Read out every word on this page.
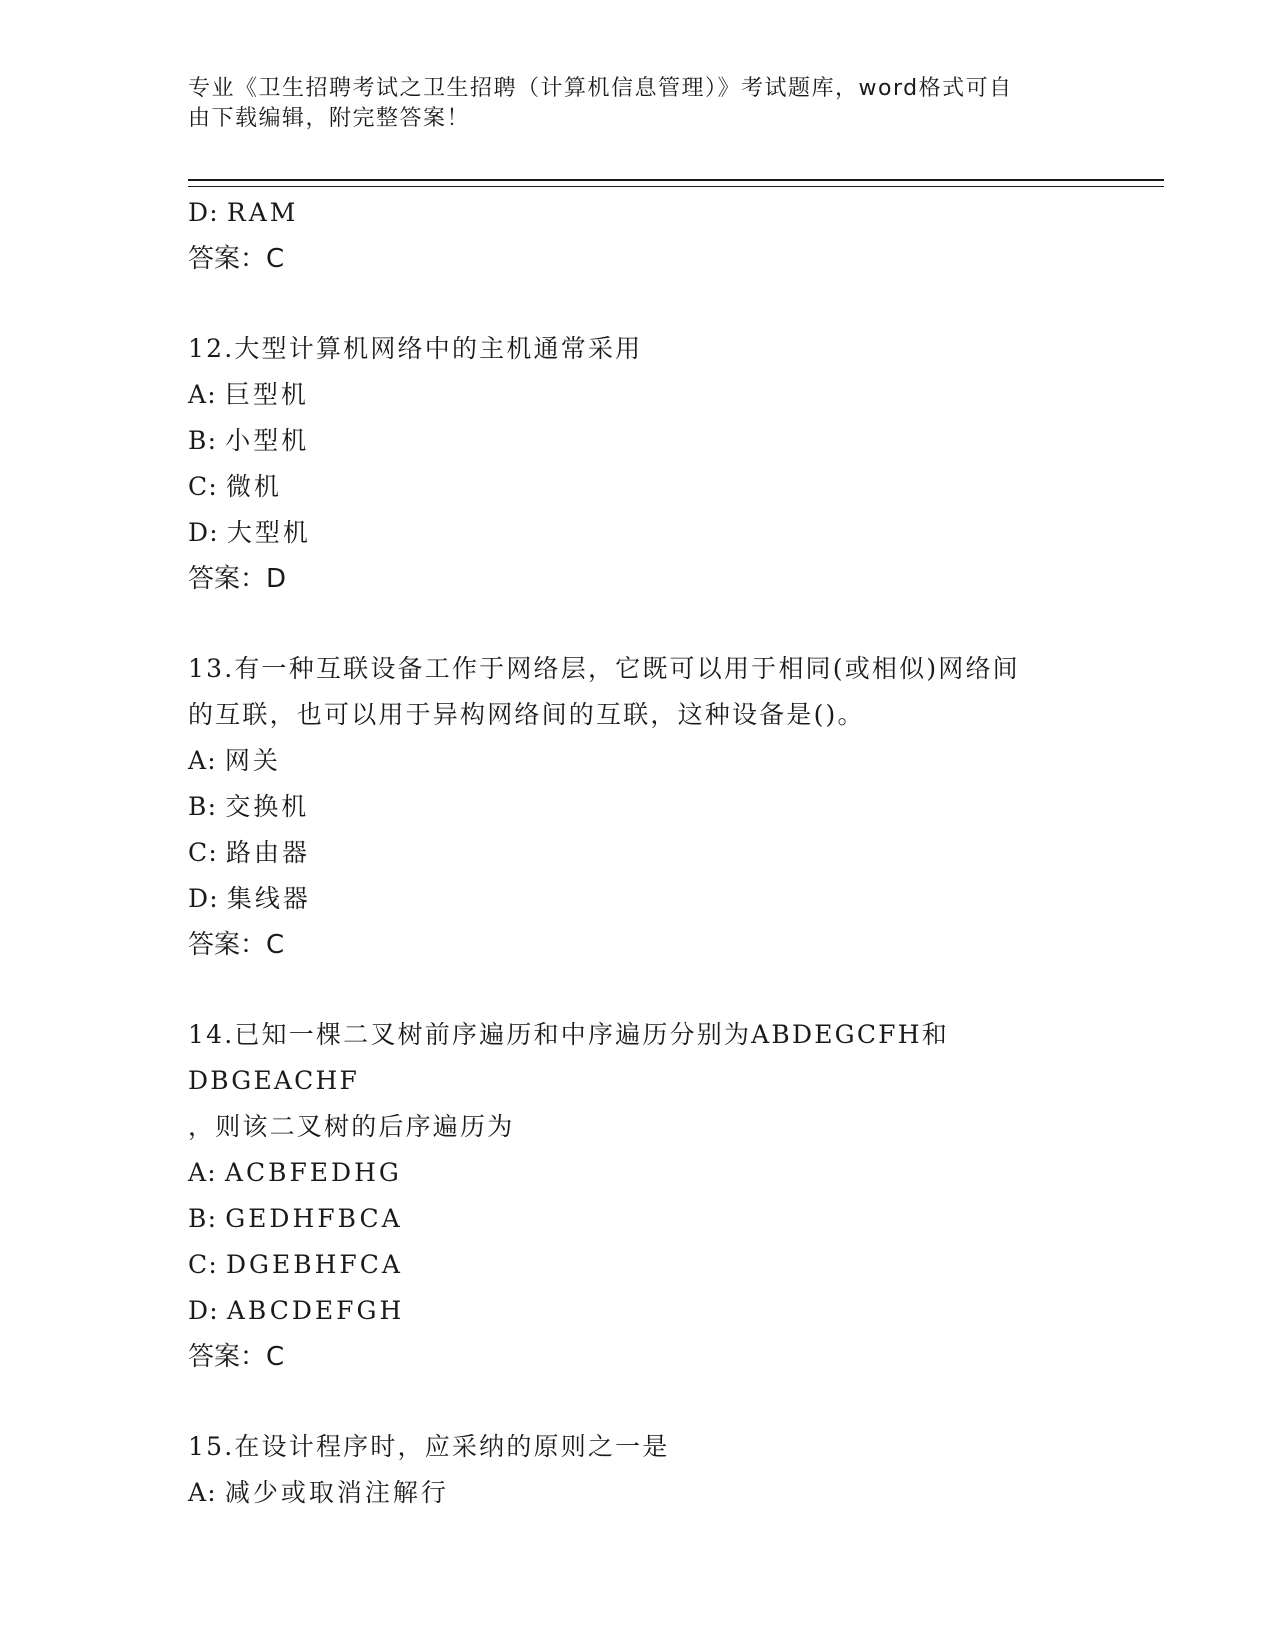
专业《卫生招聘考试之卫生招聘（计算机信息管理）》考试题库，word格式可自
由下载编辑，附完整答案！
D: RAM
答案：C
12.大型计算机网络中的主机通常采用
A: 巨型机
B: 小型机
C: 微机
D: 大型机
答案：D
13.有一种互联设备工作于网络层，它既可以用于相同(或相似)网络间
的互联，也可以用于异构网络间的互联，这种设备是()。
A: 网关
B: 交换机
C: 路由器
D: 集线器
答案：C
14.已知一棵二叉树前序遍历和中序遍历分别为ABDEGCFH和DBGEACHF
，则该二叉树的后序遍历为
A: ACBFEDHG
B: GEDHFBCA
C: DGEBHFCA
D: ABCDEFGH
答案：C
15.在设计程序时，应采纳的原则之一是
A: 减少或取消注解行
